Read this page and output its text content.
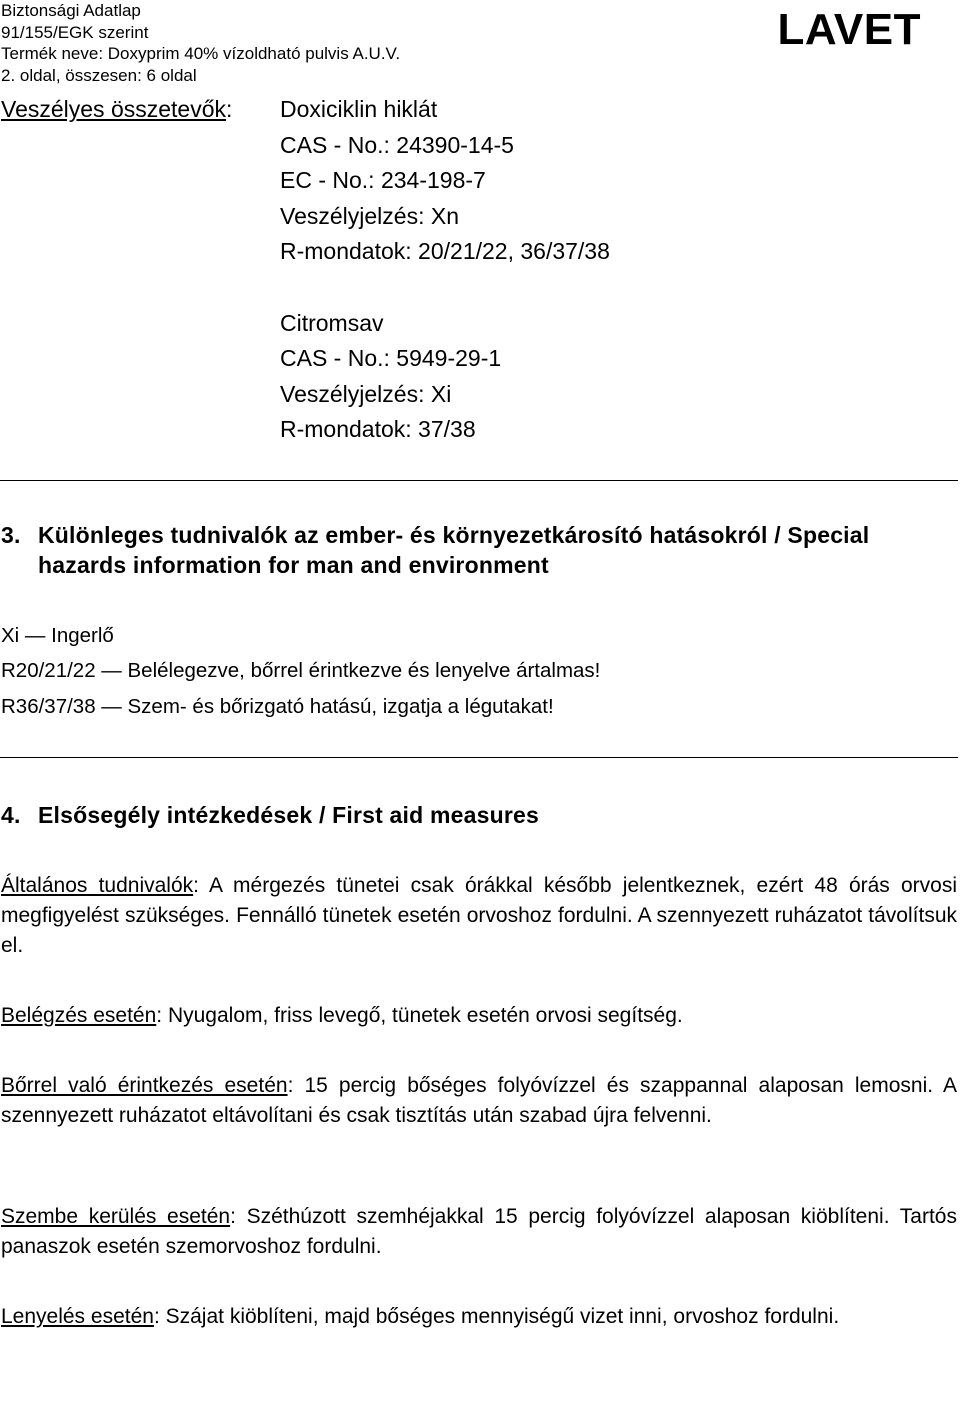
Biztonsági Adatlap
91/155/EGK szerint
Termék neve: Doxyprim 40% vízoldható pulvis A.U.V.
2. oldal, összesen: 6 oldal
LAVET
Veszélyes összetevők: Doxiciklin hiklát
CAS - No.: 24390-14-5
EC - No.: 234-198-7
Veszélyjelzés: Xn
R-mondatok: 20/21/22, 36/37/38
Citromsav
CAS - No.: 5949-29-1
Veszélyjelzés: Xi
R-mondatok: 37/38
3. Különleges tudnivalók az ember- és környezetkárosító hatásokról / Special
hazards information for man and environment
Xi — Ingerlő
R20/21/22 — Belélegezve, bőrrel érintkezve és lenyelve ártalmas!
R36/37/38 — Szem- és bőrizgató hatású, izgatja a légutakat!
4. Elsősegély intézkedések / First aid measures
Általános tudnivalók: A mérgezés tünetei csak órákkal később jelentkeznek, ezért 48 órás orvosi megfigyelést szükséges. Fennálló tünetek esetén orvoshoz fordulni. A szennyezett ruházatot távolítsuk el.
Belégzés esetén: Nyugalom, friss levegő, tünetek esetén orvosi segítség.
Bőrrel való érintkezés esetén: 15 percig bőséges folyóvízzel és szappannal alaposan lemosni. A szennyezett ruházatot eltávolítani és csak tisztítás után szabad újra felvenni.
Szembe kerülés esetén: Széthúzott szemhéjakkal 15 percig folyóvízzel alaposan kiöblíteni. Tartós panaszok esetén szemorvoshoz fordulni.
Lenyelés esetén: Szájat kiöblíteni, majd bőséges mennyiségű vizet inni, orvoshoz fordulni.
